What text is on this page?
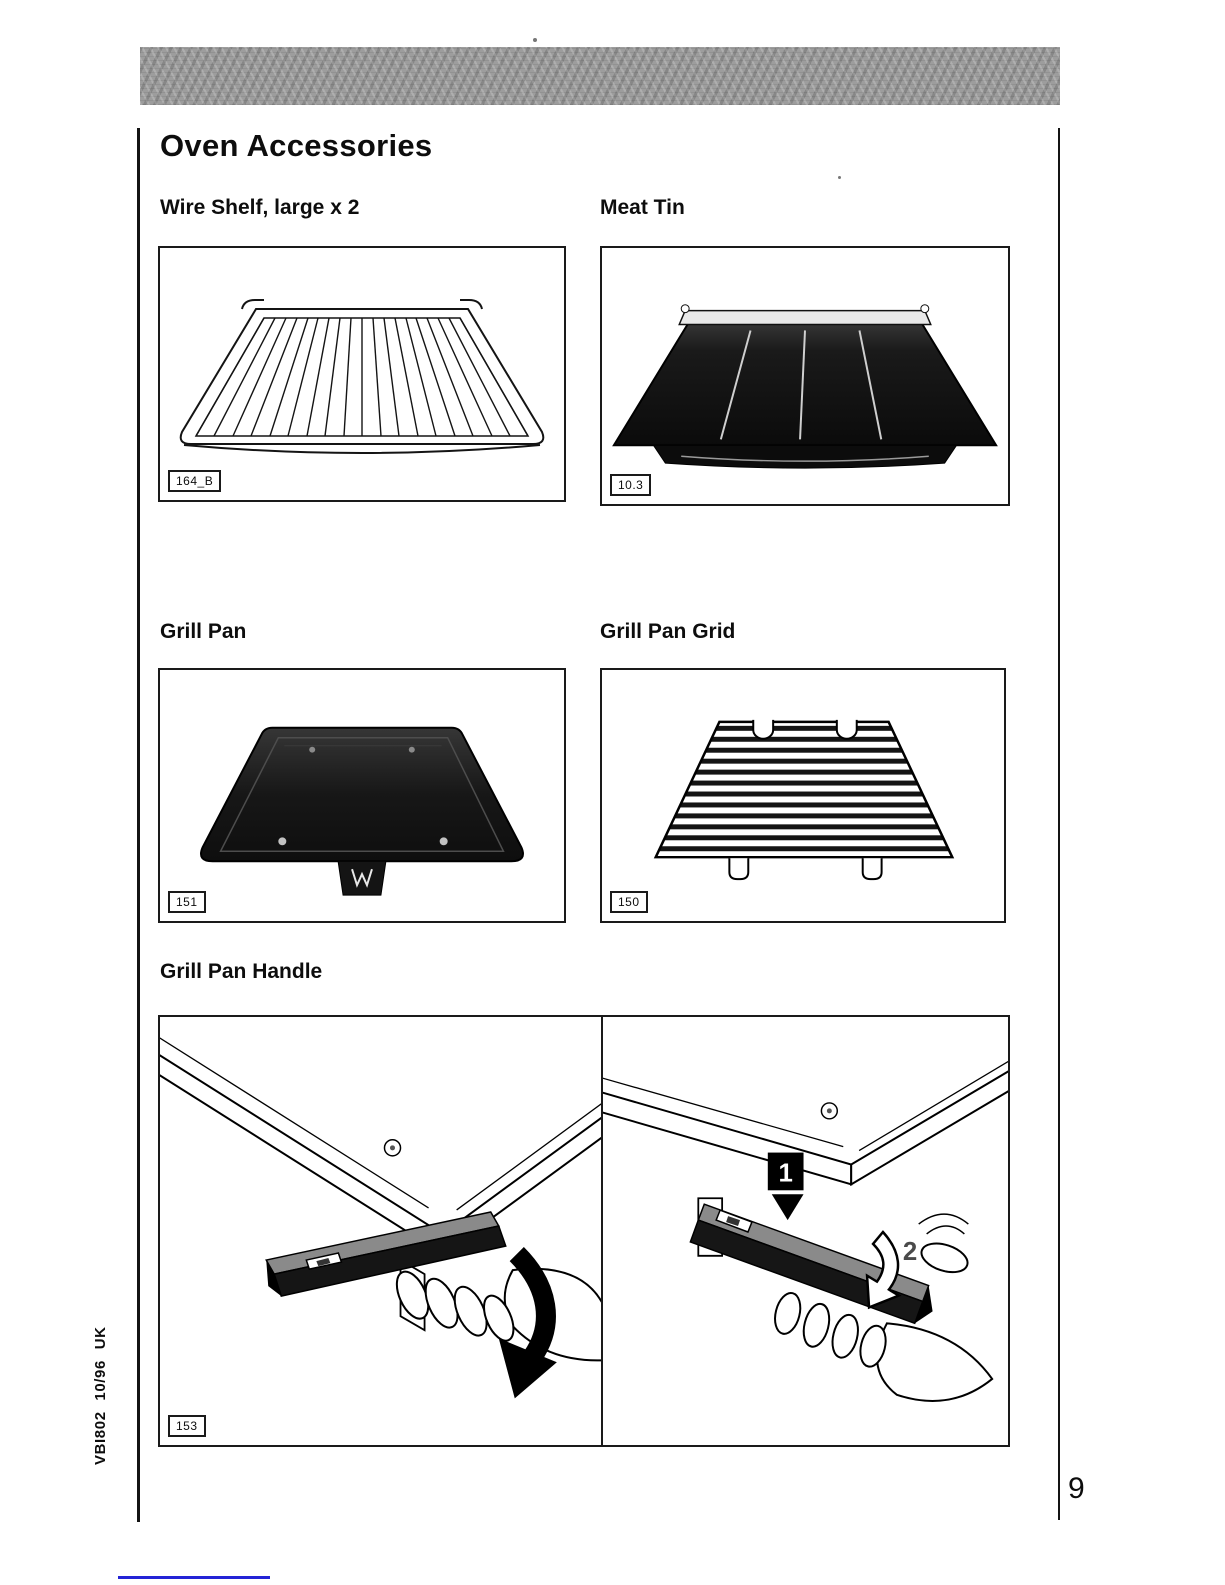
Oven Accessories
Wire Shelf, large x 2	Meat Tin
Grill Pan	Grill Pan Grid
Grill Pan Handle
164_B	10.3
151	150
1
2
153
VBI802 10/96 UK
9
